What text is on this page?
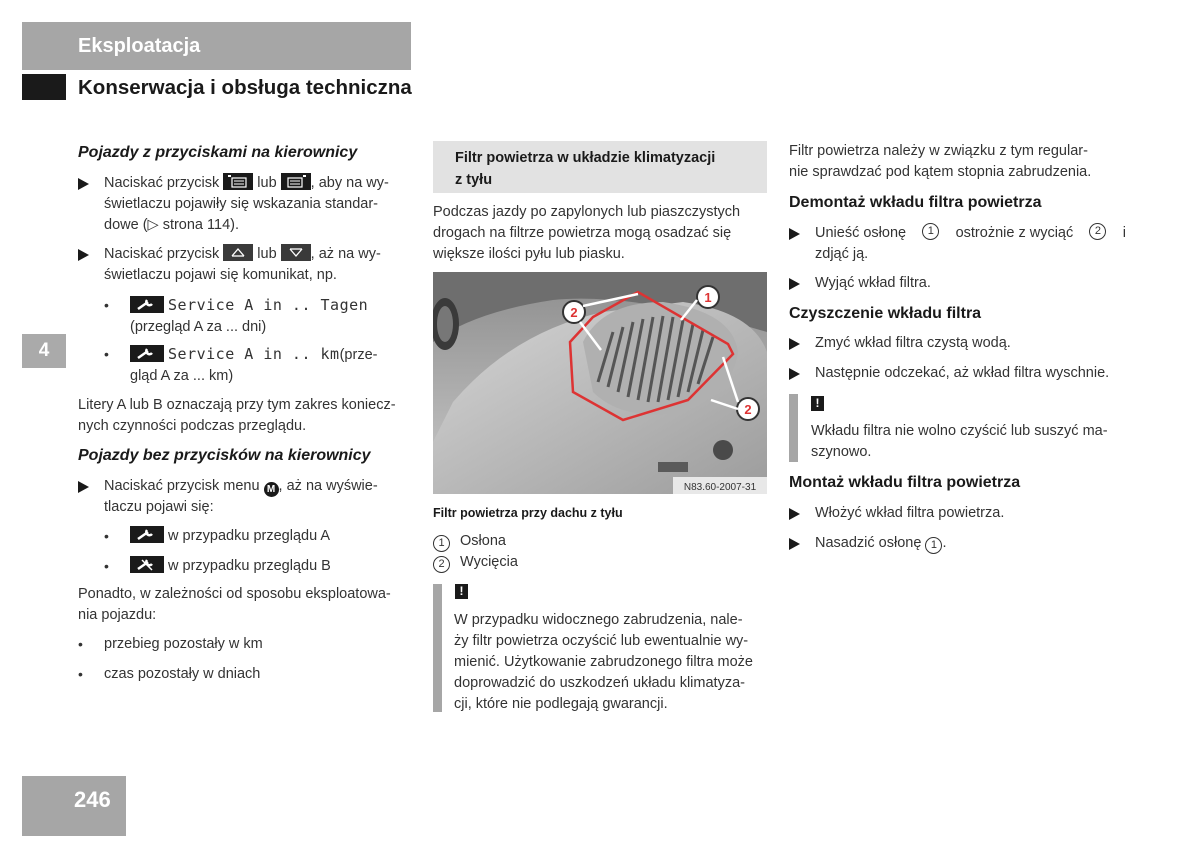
Eksploatacja
Konserwacja i obsługa techniczna
4
246
Pojazdy z przyciskami na kierownicy
Naciskać przycisk	lub , aby na wy-
świetlaczu pojawiły się wskazania standar-
dowe (▷ strona 114).
Naciskać przycisk	lub , aż na wy-
świetlaczu pojawi się komunikat, np.
•	Service A in .. Tagen
(przegląd A za ... dni)
•	Service A in .. km(prze-
gląd A za ... km)
Litery A lub B oznaczają przy tym zakres koniecz-
nych czynności podczas przeglądu.
Pojazdy bez przycisków na kierownicy
Naciskać przycisk menu M , aż na wyświe-
tlaczu pojawi się:
•	w przypadku przeglądu A
•	w przypadku przeglądu B
Ponadto, w zależności od sposobu eksploatowa-
nia pojazdu:
• przebieg pozostały w km
• czas pozostały w dniach
Filtr powietrza w układzie klimatyzacji
z tyłu
Podczas jazdy po zapylonych lub piaszczystych
drogach na filtrze powietrza mogą osadzać się
większe ilości pyłu lub piasku.
2
1
2
N83.60-2007-31
Filtr powietrza przy dachu z tyłu
1 Osłona
2 Wycięcia
!
W przypadku widocznego zabrudzenia, nale-
ży filtr powietrza oczyścić lub ewentualnie wy-
mienić. Użytkowanie zabrudzonego filtra może
doprowadzić do uszkodzeń układu klimatyza-
cji, które nie podlegają gwarancji.
Filtr powietrza należy w związku z tym regular-
nie sprawdzać pod kątem stopnia zabrudzenia.
Demontaż wkładu filtra powietrza
Unieść osłonę	1	ostrożnie z wyciąć	2	i
zdjąć ją.
Wyjąć wkład filtra.
Czyszczenie wkładu filtra
Zmyć wkład filtra czystą wodą.
Następnie odczekać, aż wkład filtra wyschnie.
!
Wkładu filtra nie wolno czyścić lub suszyć ma-
szynowo.
Montaż wkładu filtra powietrza
Włożyć wkład filtra powietrza.
Nasadzić osłonę 1 .
